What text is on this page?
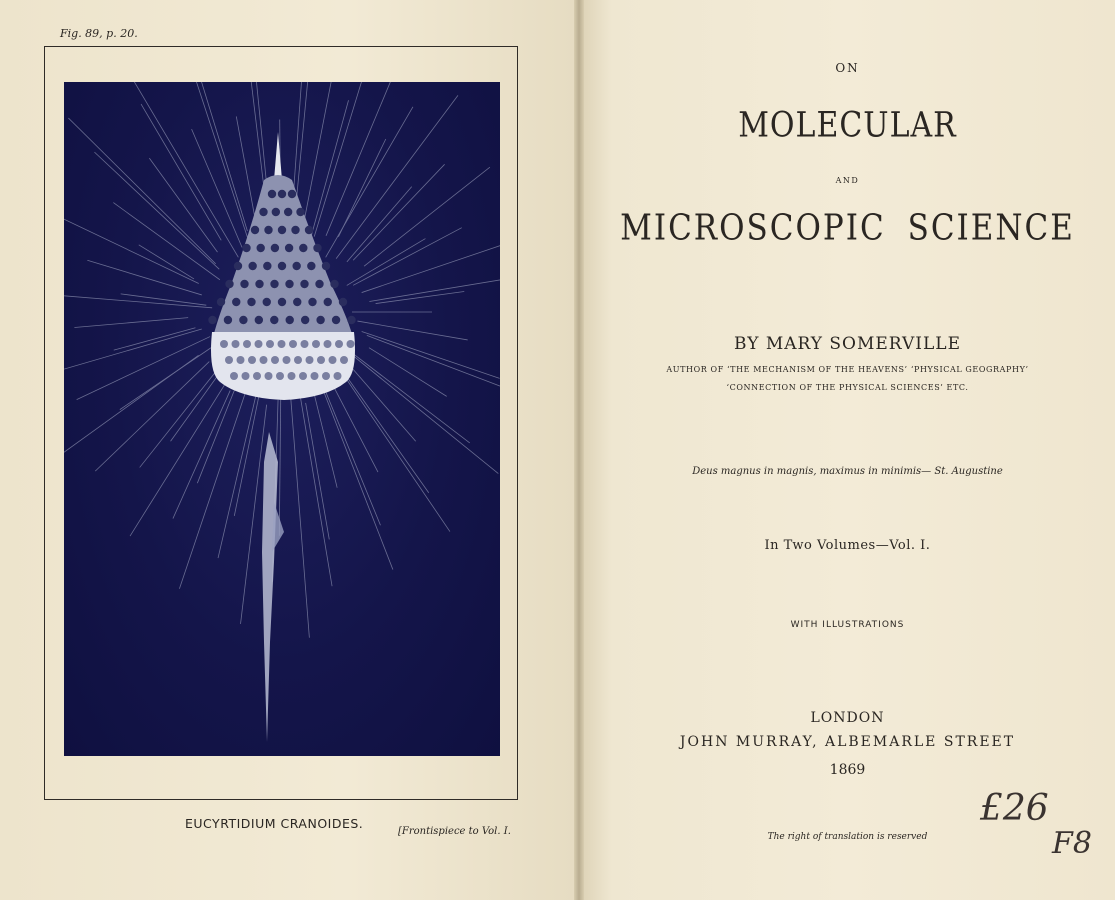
Fig. 89, p. 20.
EUCYRTIDIUM CRANOIDES.
[Frontispiece to Vol. I.
ON
MOLECULAR
AND
MICROSCOPIC SCIENCE
BY MARY SOMERVILLE
AUTHOR OF ‘THE MECHANISM OF THE HEAVENS’ ‘PHYSICAL GEOGRAPHY’
‘CONNECTION OF THE PHYSICAL SCIENCES’ ETC.
Deus magnus in magnis, maximus in minimis— St. Augustine
In Two Volumes—Vol. I.
WITH ILLUSTRATIONS
LONDON
JOHN MURRAY, ALBEMARLE STREET
1869
The right of translation is reserved
£26
F8
